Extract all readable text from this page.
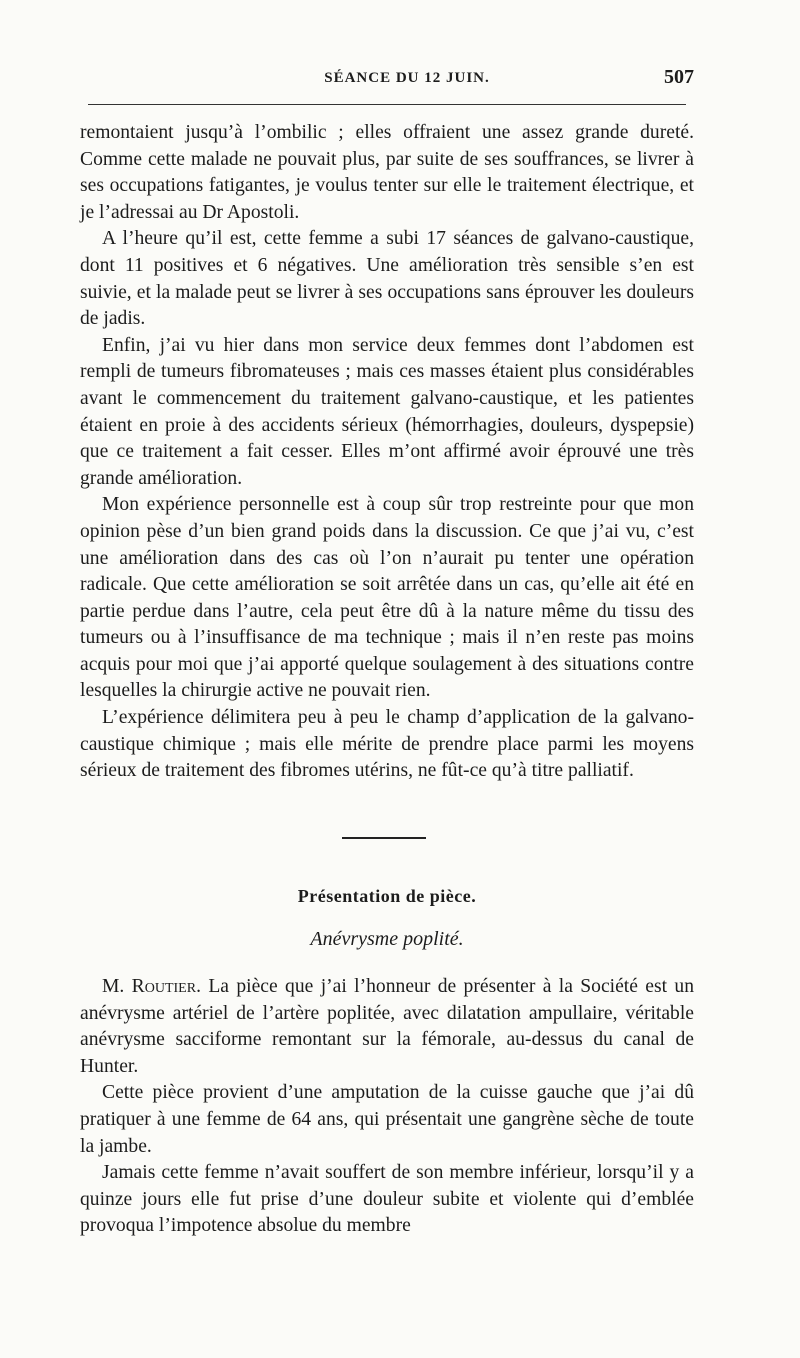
SÉANCE DU 12 JUIN.	507

remontaient jusqu’à l’ombilic ; elles offraient une assez grande dureté. Comme cette malade ne pouvait plus, par suite de ses souffrances, se livrer à ses occupations fatigantes, je voulus tenter sur elle le traitement électrique, et je l’adressai au Dr Apostoli.

A l’heure qu’il est, cette femme a subi 17 séances de galvano-caustique, dont 11 positives et 6 négatives. Une amélioration très sensible s’en est suivie, et la malade peut se livrer à ses occupations sans éprouver les douleurs de jadis.

Enfin, j’ai vu hier dans mon service deux femmes dont l’abdomen est rempli de tumeurs fibromateuses ; mais ces masses étaient plus considérables avant le commencement du traitement galvano-caustique, et les patientes étaient en proie à des accidents sérieux (hémorrhagies, douleurs, dyspepsie) que ce traitement a fait cesser. Elles m’ont affirmé avoir éprouvé une très grande amélioration.

Mon expérience personnelle est à coup sûr trop restreinte pour que mon opinion pèse d’un bien grand poids dans la discussion. Ce que j’ai vu, c’est une amélioration dans des cas où l’on n’aurait pu tenter une opération radicale. Que cette amélioration se soit arrêtée dans un cas, qu’elle ait été en partie perdue dans l’autre, cela peut être dû à la nature même du tissu des tumeurs ou à l’insuffisance de ma technique ; mais il n’en reste pas moins acquis pour moi que j’ai apporté quelque soulagement à des situations contre lesquelles la chirurgie active ne pouvait rien.

L’expérience délimitera peu à peu le champ d’application de la galvano-caustique chimique ; mais elle mérite de prendre place parmi les moyens sérieux de traitement des fibromes utérins, ne fût-ce qu’à titre palliatif.

Présentation de pièce.
Anévrysme poplité.

M. Routier. La pièce que j’ai l’honneur de présenter à la Société est un anévrysme artériel de l’artère poplitée, avec dilatation ampullaire, véritable anévrysme sacciforme remontant sur la fémorale, au-dessus du canal de Hunter.

Cette pièce provient d’une amputation de la cuisse gauche que j’ai dû pratiquer à une femme de 64 ans, qui présentait une gangrène sèche de toute la jambe.

Jamais cette femme n’avait souffert de son membre inférieur, lorsqu’il y a quinze jours elle fut prise d’une douleur subite et violente qui d’emblée provoqua l’impotence absolue du membre
